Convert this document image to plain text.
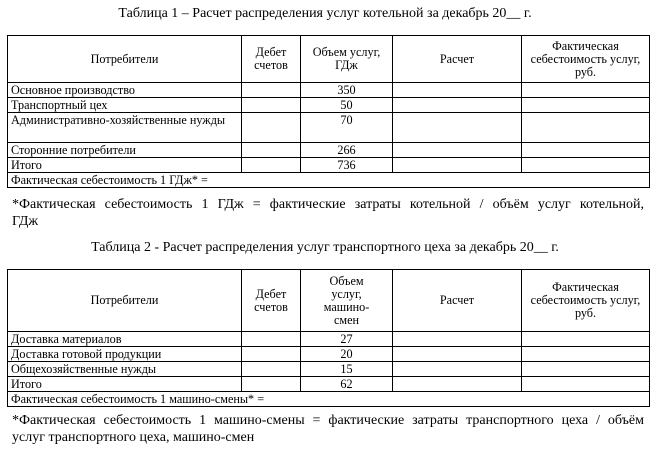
Таблица 1 – Расчет распределения услуг котельной за декабрь 20__ г.
Потребители	Дебет счетов	Объем услуг, ГДж	Расчет	Фактическая себестоимость услуг, руб.
Основное производство		350		
Транспортный цех		50		
Административно-хозяйственные нужды		70		
Сторонние потребители		266		
Итого		736		
Фактическая себестоимость 1 ГДж* =				
*Фактическая себестоимость 1 ГДж = фактические затраты котельной / объём услуг котельной,
ГДж
Таблица 2 - Расчет распределения услуг транспортного цеха за декабрь 20__ г.
Потребители	Дебет счетов	Объем услуг, машино-смен	Расчет	Фактическая себестоимость услуг, руб.
Доставка материалов		27		
Доставка готовой продукции		20		
Общехозяйственные нужды		15		
Итого		62		
Фактическая себестоимость 1 машино-смены* =				
*Фактическая себестоимость 1 машино-смены = фактические затраты транспортного цеха / объём
услуг транспортного цеха, машино-смен
